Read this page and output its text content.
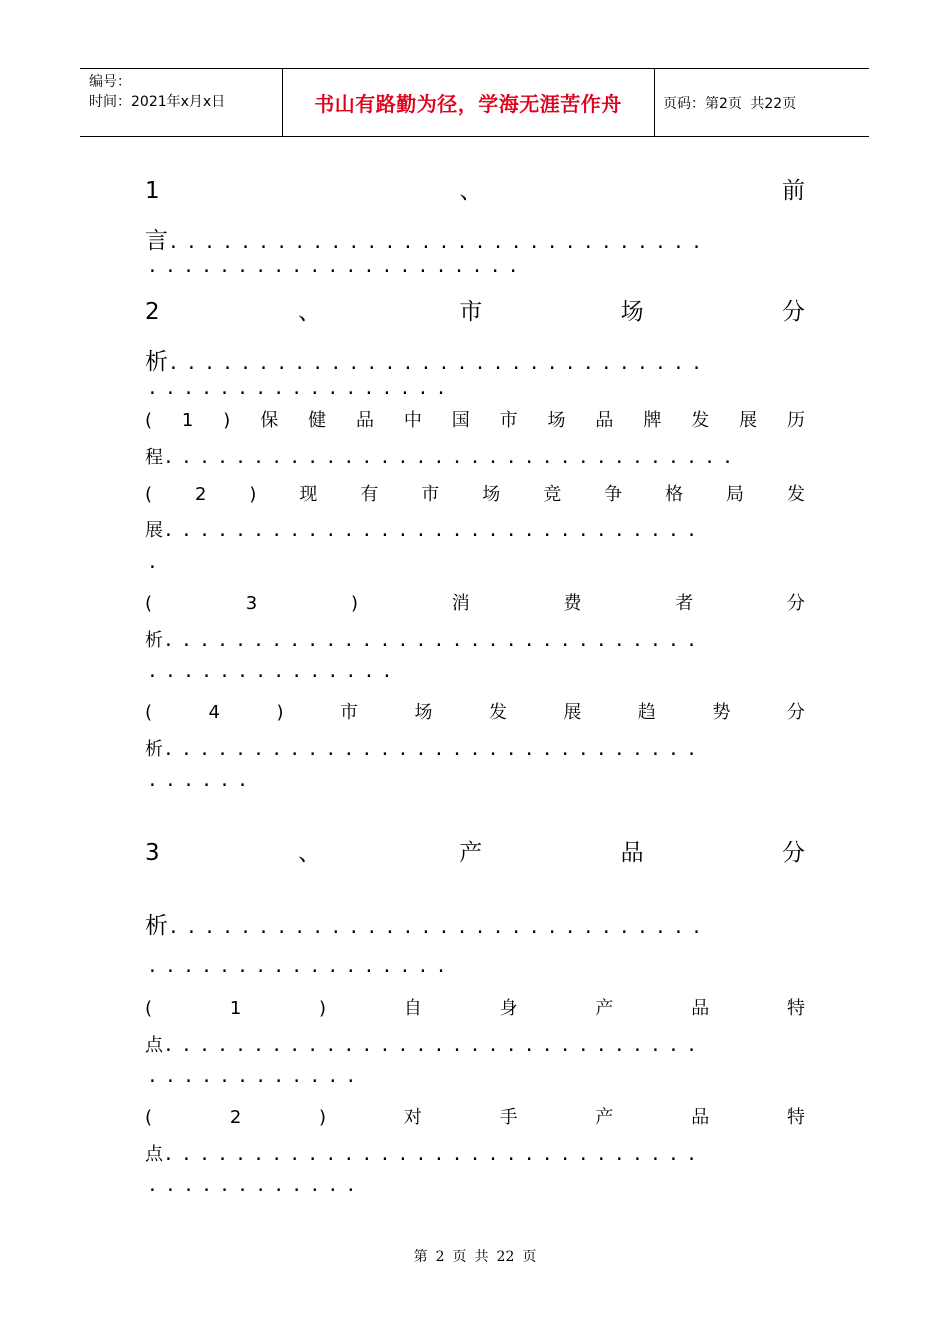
编号：
时间：2021年x月x日	书山有路勤为径，学海无涯苦作舟	页码：第2页 共22页
1	、	前
言..............................
.....................
2	、	市	场	分
析..............................
.................
( 1 ) 保 健 品 中 国 市 场 品 牌 发 展 历
程................................
( 2 ) 现 有 市 场 竞 争 格 局 发
展..............................
.
(	3	)	消	费	者	分
析..............................
..............
(	4	)	市	场	发	展	趋	势	分
析..............................
......
3	、	产	品	分
析..............................
.................
(	1	)	自	身	产	品	特
点..............................
............
(	2	)	对	手	产	品	特
点..............................
............
第 2 页 共 22 页
